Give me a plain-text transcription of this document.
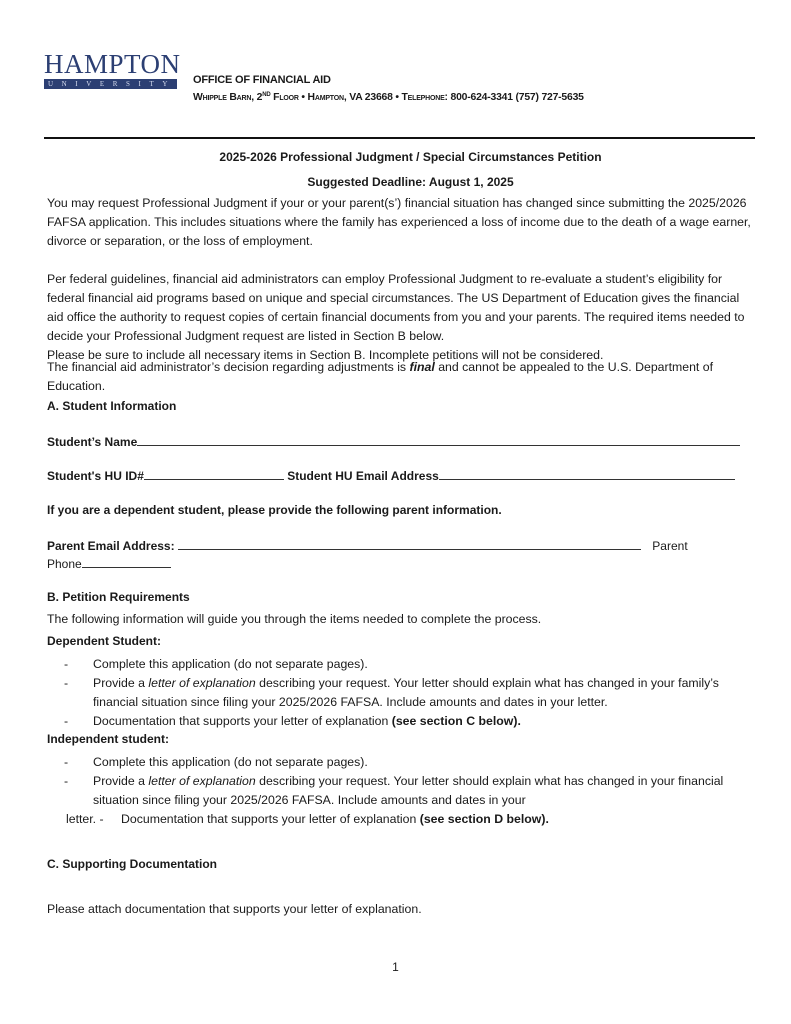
HAMPTON
UNIVERSITY OFFICE OF FINANCIAL AID
Whipple Barn, 2ND Floor • Hampton, VA 23668 • Telephone: 800-624-3341 (757) 727-5635
2025-2026 Professional Judgment / Special Circumstances Petition
Suggested Deadline: August 1, 2025
You may request Professional Judgment if your or your parent(s’) financial situation has changed since submitting the 2025/2026 FAFSA application. This includes situations where the family has experienced a loss of income due to the death of a wage earner, divorce or separation, or the loss of employment.
Per federal guidelines, financial aid administrators can employ Professional Judgment to re-evaluate a student’s eligibility for federal financial aid programs based on unique and special circumstances. The US Department of Education gives the financial aid office the authority to request copies of certain financial documents from you and your parents. The required items needed to decide your Professional Judgment request are listed in Section B below.
Please be sure to include all necessary items in Section B. Incomplete petitions will not be considered.
The financial aid administrator’s decision regarding adjustments is final and cannot be appealed to the U.S. Department of Education.
A. Student Information
Student’s Name
Student's HU ID#	Student HU Email Address
If you are a dependent student, please provide the following parent information.
Parent Email Address:	Parent
Phone
B. Petition Requirements
The following information will guide you through the items needed to complete the process.
Dependent Student:
- Complete this application (do not separate pages).
- Provide a letter of explanation describing your request. Your letter should explain what has changed in your family’s financial situation since filing your 2025/2026 FAFSA. Include amounts and dates in your letter.
- Documentation that supports your letter of explanation (see section C below).
Independent student:
- Complete this application (do not separate pages).
- Provide a letter of explanation describing your request. Your letter should explain what has changed in your financial situation since filing your 2025/2026 FAFSA. Include amounts and dates in your
letter. - Documentation that supports your letter of explanation (see section D below).
C. Supporting Documentation
Please attach documentation that supports your letter of explanation.
1
